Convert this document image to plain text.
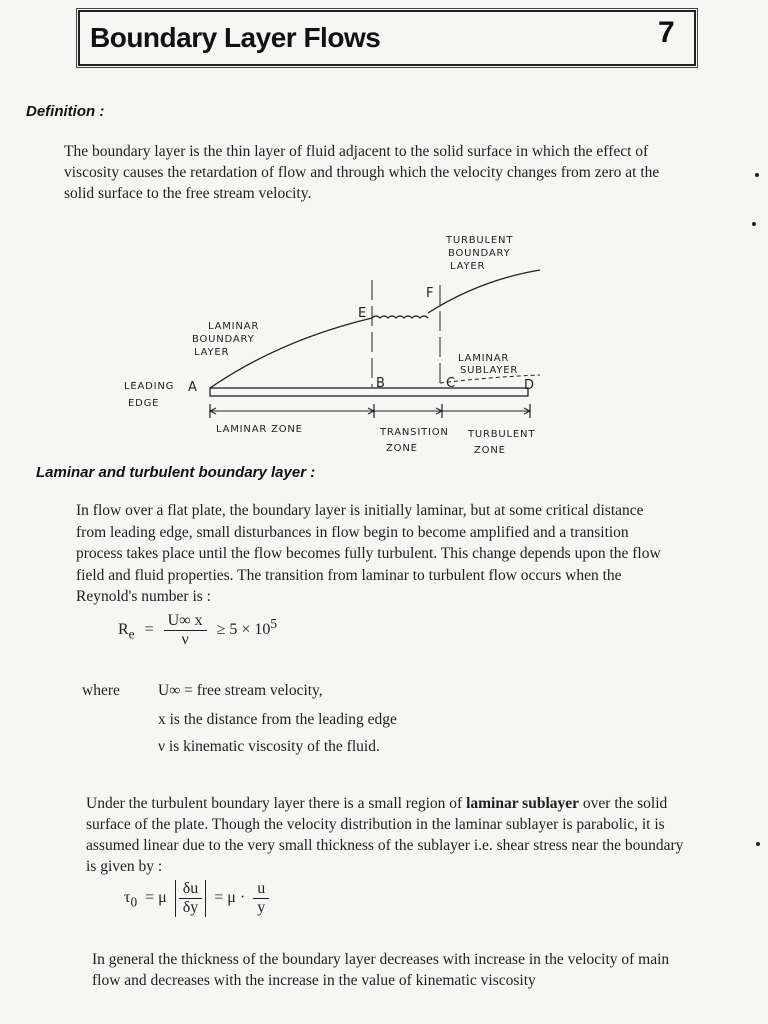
Boundary Layer Flows	7
Definition :

The boundary layer is the thin layer of fluid adjacent to the solid surface in which the effect of

viscosity causes the retardation of flow and through which the velocity changes from zero at the

solid surface to the free stream velocity.

TURBULENT
BOUNDARY
LAYER
LAMINAR
BOUNDARY
LAYER
LEADING
EDGE
A
LAMINAR
SUBLAYER
B	C	D
E
F
LAMINAR ZONE	TRANSITION
ZONE
TURBULENT
ZONE
Laminar and turbulent boundary layer :

In flow over a flat plate, the boundary layer is initially laminar, but at some critical distance

from leading edge, small disturbances in flow begin to become amplified and a transition

process takes place until the flow becomes fully turbulent. This change depends upon the flow

field and fluid properties. The transition from laminar to turbulent flow occurs when the

Reynold's number is :

$R_e = \frac{U\infty x}{\nu} \ge 5 \times 10^5$
where U∞ = free stream velocity,
x is the distance from the leading edge
ν is kinematic viscosity of the fluid.

Under the turbulent boundary layer there is a small region of laminar sublayer over the solid

surface of the plate. Though the velocity distribution in the laminar sublayer is parabolic, it is

assumed linear due to the very small thickness of the sublayer i.e. shear stress near the boundary

is given by :

$\tau_0 = \mu \frac{\delta u}{\delta y} = \mu \cdot \frac{u}{y}$

In general the thickness of the boundary layer decreases with increase in the velocity of main

flow and decreases with the increase in the value of kinematic viscosity
